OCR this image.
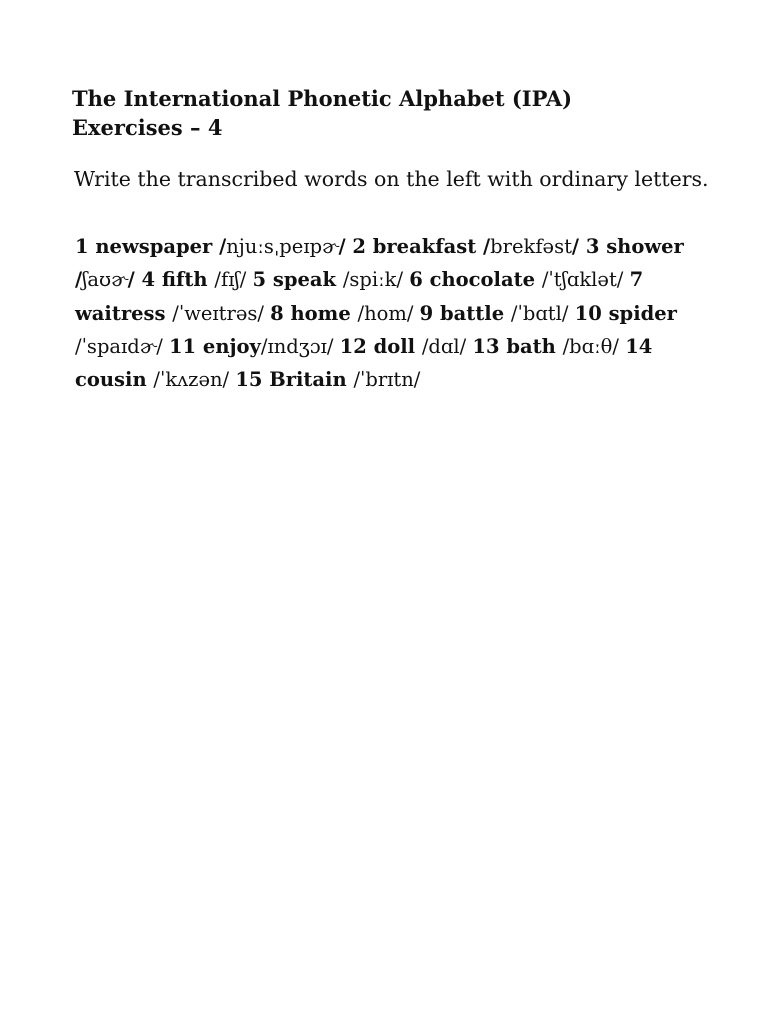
The International Phonetic Alphabet (IPA)
Exercises – 4
Write the transcribed words on the left with ordinary letters.
1 newspaper /njuːsˌpeɪpɚ/ 2 breakfast /brekfəst/ 3 shower
/ʃaʊɚ/ 4 fifth /fɪʃ/ 5 speak /spiːk/ 6 chocolate /ˈtʃɑklət/ 7
waitress /ˈweɪtrəs/ 8 home /hom/ 9 battle /ˈbɑtl/ 10 spider
/ˈspaɪdɚ/ 11 enjoy/ɪndʒɔɪ/ 12 doll /dɑl/ 13 bath /bɑːθ/ 14
cousin /ˈkʌzən/ 15 Britain /ˈbrɪtn/
